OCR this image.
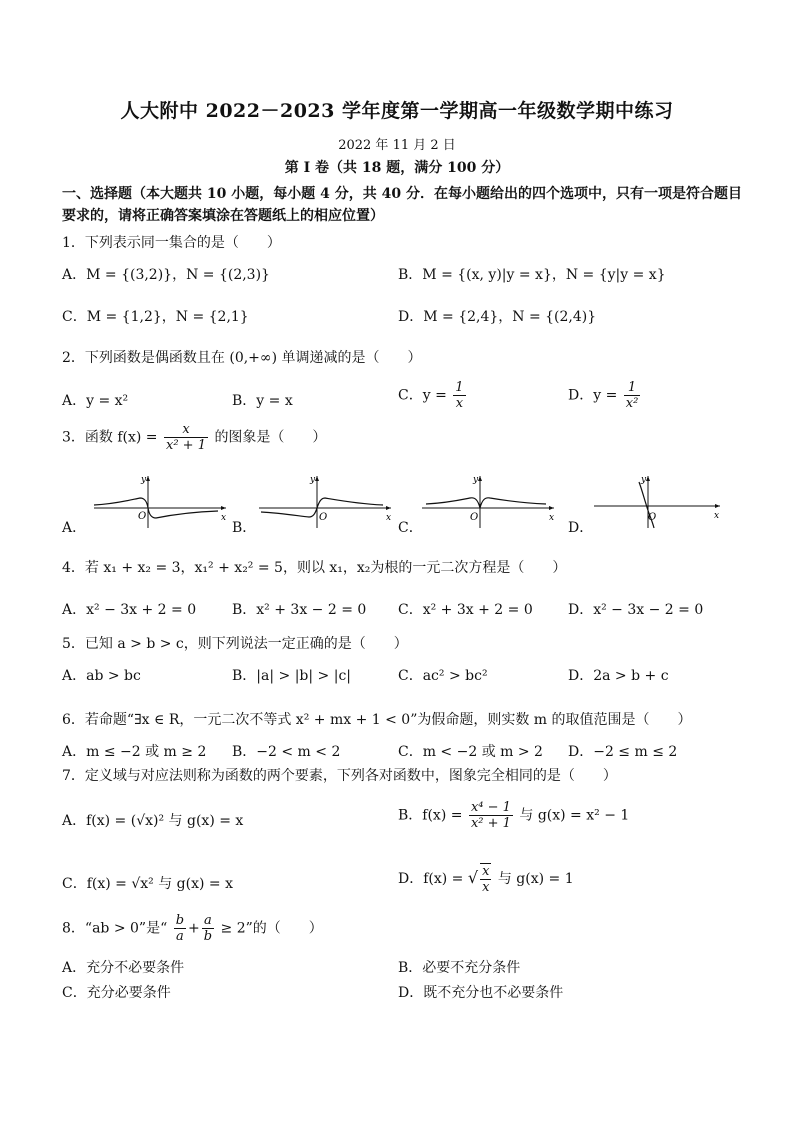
人大附中 2022－2023 学年度第一学期高一年级数学期中练习
2022 年 11 月 2 日
第 I 卷（共 18 题，满分 100 分）
一、选择题（本大题共 10 小题，每小题 4 分，共 40 分．在每小题给出的四个选项中，只有一项是符合题目
要求的，请将正确答案填涂在答题纸上的相应位置）
1．下列表示同一集合的是（　　）
A．M = {(3,2)}，N = {(2,3)}	B．M = {(x, y)|y = x}，N = {y|y = x}
C．M = {1,2}，N = {2,1}	D．M = {2,4}，N = {(2,4)}
2．下列函数是偶函数且在 (0,+∞) 单调递减的是（　　）
A．y = x²	B．y = x	C．$y = \frac{1}{x}$	D．$y = \frac{1}{\text{x²}}$
3．函数 $f(x) = \frac{x}{\text{x² + 1}}$ 的图象是（　　）
A．	B．	C．	D．
O	x
y
O	x
y
O	x
y
O	x
y
4．若 x₁ + x₂ = 3，x₁² + x₂² = 5，则以 x₁，x₂为根的一元二次方程是（　　）
A．x² − 3x + 2 = 0	B．x² + 3x − 2 = 0 C．x² + 3x + 2 = 0	D．x² − 3x − 2 = 0
5．已知 a > b > c，则下列说法一定正确的是（　　）
A．ab > bc	B．|a| > |b| > |c|	C．ac² > bc²	D．2a > b + c
6．若命题“∃x ∈ R，一元二次不等式 x² + mx + 1 < 0”为假命题，则实数 m 的取值范围是（　　）
A．m ≤ −2 或 m ≥ 2 B．−2 < m < 2	C．m < −2 或 m > 2 D．−2 ≤ m ≤ 2
7．定义域与对应法则称为函数的两个要素，下列各对函数中，图象完全相同的是（　　）
A．f(x) = (√x)² 与 g(x) = x	B．$f(x) = \frac{\text{x⁴ − 1}}{\text{x² + 1}}$ 与 g(x) = x² − 1
C．f(x) = √x² 与 g(x) = x	D．f(x) = √ $\frac{x}{x}$ 与 g(x) = 1
8．“ab > 0”是“ $\frac{b}{a} + \frac{a}{b} \ge 2$”的（　　）
A．充分不必要条件	B．必要不充分条件
C．充分必要条件	D．既不充分也不必要条件
